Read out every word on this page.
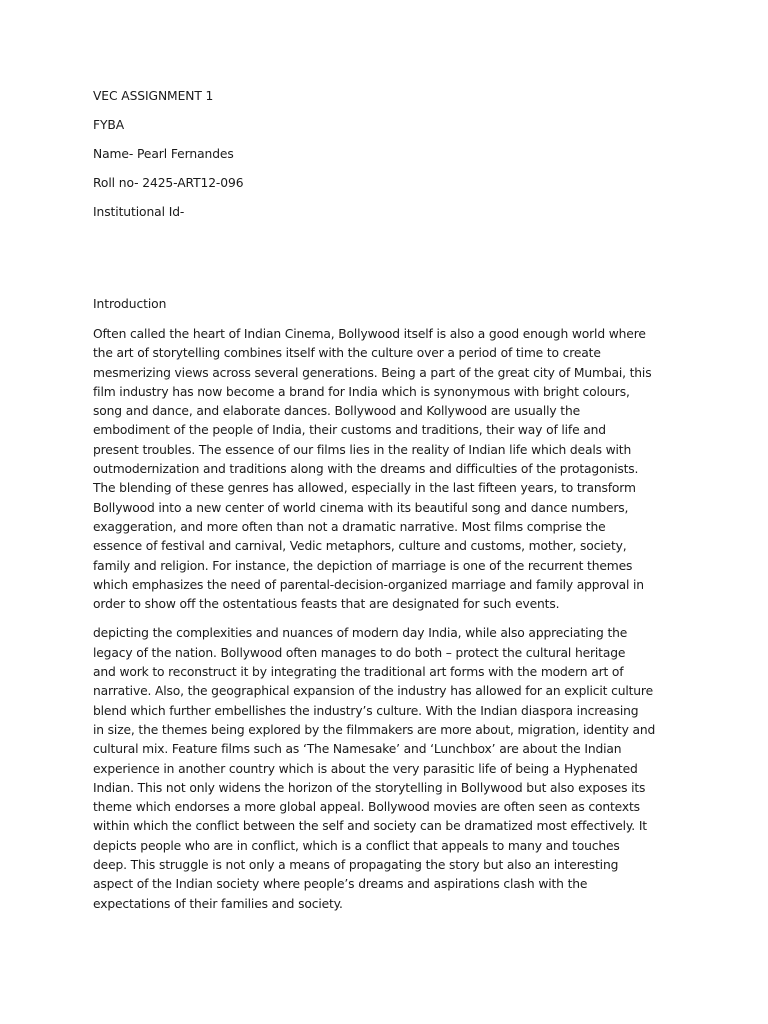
VEC ASSIGNMENT 1
FYBA
Name- Pearl Fernandes
Roll no- 2425-ART12-096
Institutional Id-
Introduction
Often called the heart of Indian Cinema, Bollywood itself is also a good enough world where
the art of storytelling combines itself with the culture over a period of time to create
mesmerizing views across several generations. Being a part of the great city of Mumbai, this
film industry has now become a brand for India which is synonymous with bright colours,
song and dance, and elaborate dances. Bollywood and Kollywood are usually the
embodiment of the people of India, their customs and traditions, their way of life and
present troubles. The essence of our films lies in the reality of Indian life which deals with
outmodernization and traditions along with the dreams and difficulties of the protagonists.
The blending of these genres has allowed, especially in the last fifteen years, to transform
Bollywood into a new center of world cinema with its beautiful song and dance numbers,
exaggeration, and more often than not a dramatic narrative. Most films comprise the
essence of festival and carnival, Vedic metaphors, culture and customs, mother, society,
family and religion. For instance, the depiction of marriage is one of the recurrent themes
which emphasizes the need of parental-decision-organized marriage and family approval in
order to show off the ostentatious feasts that are designated for such events.
depicting the complexities and nuances of modern day India, while also appreciating the
legacy of the nation. Bollywood often manages to do both – protect the cultural heritage
and work to reconstruct it by integrating the traditional art forms with the modern art of
narrative. Also, the geographical expansion of the industry has allowed for an explicit culture
blend which further embellishes the industry’s culture. With the Indian diaspora increasing
in size, the themes being explored by the filmmakers are more about, migration, identity and
cultural mix. Feature films such as ‘The Namesake’ and ‘Lunchbox’ are about the Indian
experience in another country which is about the very parasitic life of being a Hyphenated
Indian. This not only widens the horizon of the storytelling in Bollywood but also exposes its
theme which endorses a more global appeal. Bollywood movies are often seen as contexts
within which the conflict between the self and society can be dramatized most effectively. It
depicts people who are in conflict, which is a conflict that appeals to many and touches
deep. This struggle is not only a means of propagating the story but also an interesting
aspect of the Indian society where people’s dreams and aspirations clash with the
expectations of their families and society.
